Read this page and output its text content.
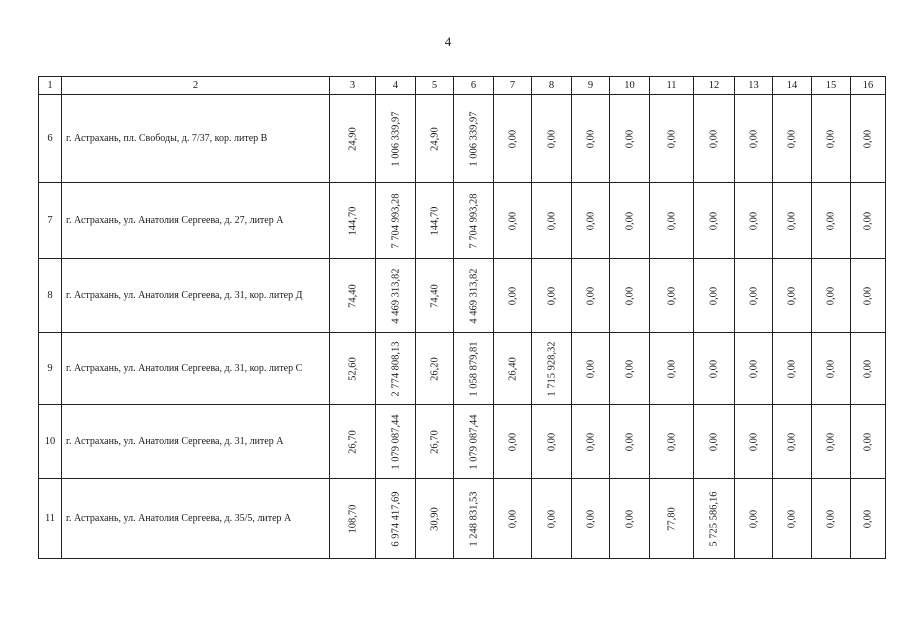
4
1	2	3	4	5	6	7	8	9	10	11	12	13	14	15	16
6	г. Астрахань, пл. Свободы, д. 7/37, кор. литер В	24,90	1 006 339,97	24,90	1 006 339,97	0,00	0,00	0,00	0,00	0,00	0,00	0,00	0,00	0,00	0,00

7	г. Астрахань, ул. Анатолия Сергеева, д. 27, литер А	144,70	7 704 993,28	144,70	7 704 993,28	0,00	0,00	0,00	0,00	0,00	0,00	0,00	0,00	0,00	0,00

8	г. Астрахань, ул. Анатолия Сергеева, д. 31, кор. литер Д	74,40	4 469 313,82	74,40	4 469 313,82	0,00	0,00	0,00	0,00	0,00	0,00	0,00	0,00	0,00	0,00

9	г. Астрахань, ул. Анатолия Сергеева, д. 31, кор. литер С	52,60	2 774 808,13	26,20	1 058 879,81	26,40	1 715 928,32	0,00	0,00	0,00	0,00	0,00	0,00	0,00	0,00

10	г. Астрахань, ул. Анатолия Сергеева, д. 31, литер А	26,70	1 079 087,44	26,70	1 079 087,44	0,00	0,00	0,00	0,00	0,00	0,00	0,00	0,00	0,00	0,00

11	г. Астрахань, ул. Анатолия Сергеева, д. 35/5, литер А	108,70	6 974 417,69	30,90	1 248 831,53	0,00	0,00	0,00	0,00	77,80	5 725 586,16	0,00	0,00	0,00	0,00
